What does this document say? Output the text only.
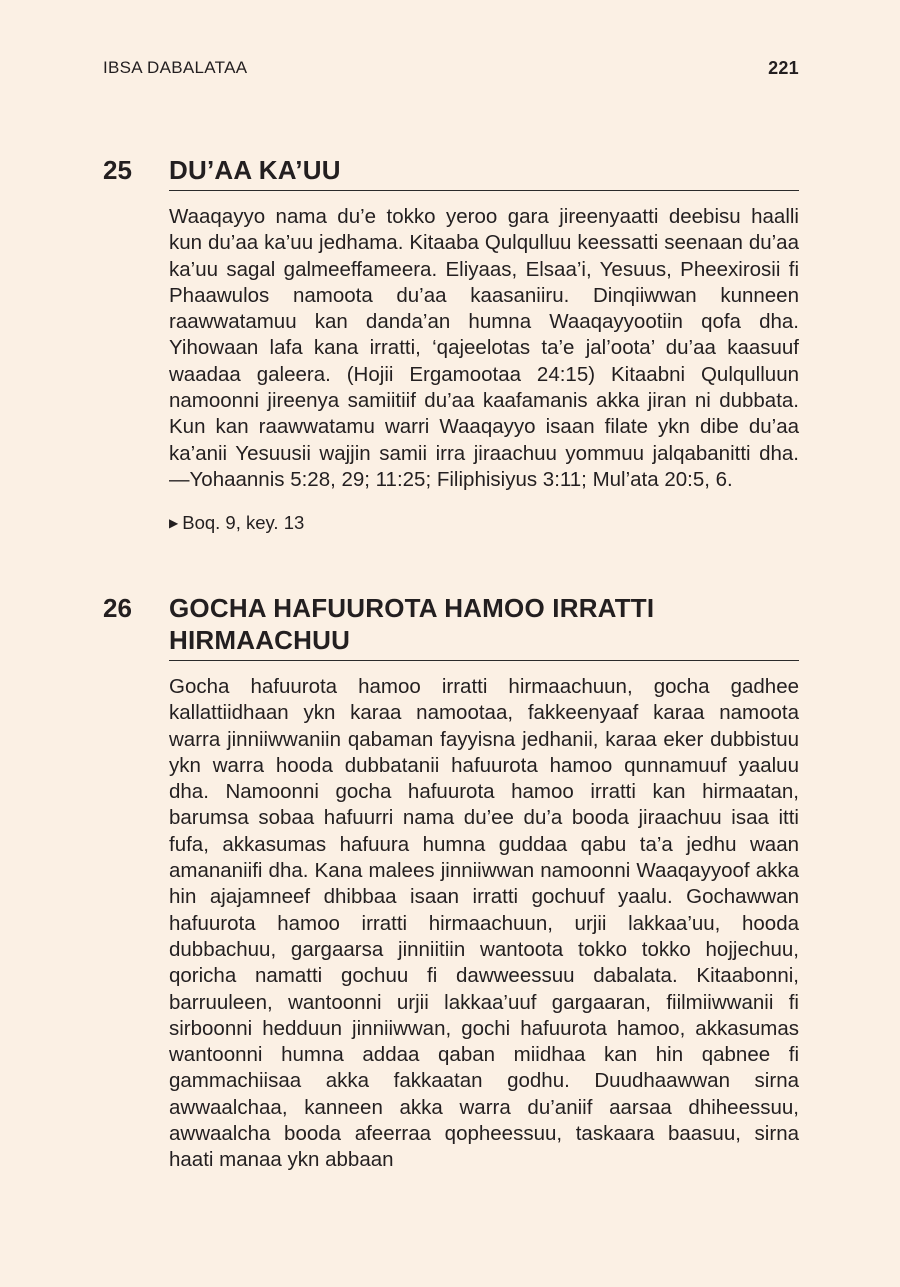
IBSA DABALATAA	221
25 DU’AA KA’UU
Waaqayyo nama du’e tokko yeroo gara jireenyaatti deebisu haalli kun du’aa ka’uu jedhama. Kitaaba Qulqulluu keessatti seenaan du’aa ka’uu sagal galmeeffameera. Eliyaas, Elsaa’i, Yesuus, Pheexirosii fi Phaawulos namoota du’aa kaasaniiru. Dinqiiwwan kunneen raawwatamuu kan danda’an humna Waaqayyootiin qofa dha. Yihowaan lafa kana irratti, ‘qajeelotas ta’e jal’oota’ du’aa kaasuuf waadaa galeera. (Hojii Ergamootaa 24:15) Kitaabni Qulqulluun namoonni jireenya samiitiif du’aa kaafamanis akka jiran ni dubbata. Kun kan raawwatamu warri Waaqayyo isaan filate ykn dibe du’aa ka’anii Yesuusii wajjin samii irra jiraachuu yommuu jalqabanitti dha. —Yohaannis 5:28, 29; 11:25; Filiphisiyus 3:11; Mul’ata 20:5, 6.
▶ Boq. 9, key. 13
26 GOCHA HAFUUROTA HAMOO IRRATTI HIRMAACHUU
Gocha hafuurota hamoo irratti hirmaachuun, gocha gadhee kallattiidhaan ykn karaa namootaa, fakkeenyaaf karaa namoota warra jinniiwwaniin qabaman fayyisna jedhanii, karaa eker dubbistuu ykn warra hooda dubbatanii hafuurota hamoo qunnamuuf yaaluu dha. Namoonni gocha hafuurota hamoo irratti kan hirmaatan, barumsa sobaa hafuurri nama du’ee du’a booda jiraachuu isaa itti fufa, akkasumas hafuura humna guddaa qabu ta’a jedhu waan amananiifi dha. Kana malees jinniiwwan namoonni Waaqayyoof akka hin ajajamneef dhibbaa isaan irratti gochuuf yaalu. Gochawwan hafuurota hamoo irratti hirmaachuun, urjii lakkaa’uu, hooda dubbachuu, gargaarsa jinniitiin wantoota tokko tokko hojjechuu, qoricha namatti gochuu fi dawweessuu dabalata. Kitaabonni, barruuleen, wantoonni urjii lakkaa’uuf gargaaran, fiilmiiwwanii fi sirboonni hedduun jinniiwwan, gochi hafuurota hamoo, akkasumas wantoonni humna addaa qaban miidhaa kan hin qabnee fi gammachiisaa akka fakkaatan godhu. Duudhaawwan sirna awwaalchaa, kanneen akka warra du’aniif aarsaa dhiheessuu, awwaalcha booda afeerraa qopheessuu, taskaara baasuu, sirna haati manaa ykn abbaan
